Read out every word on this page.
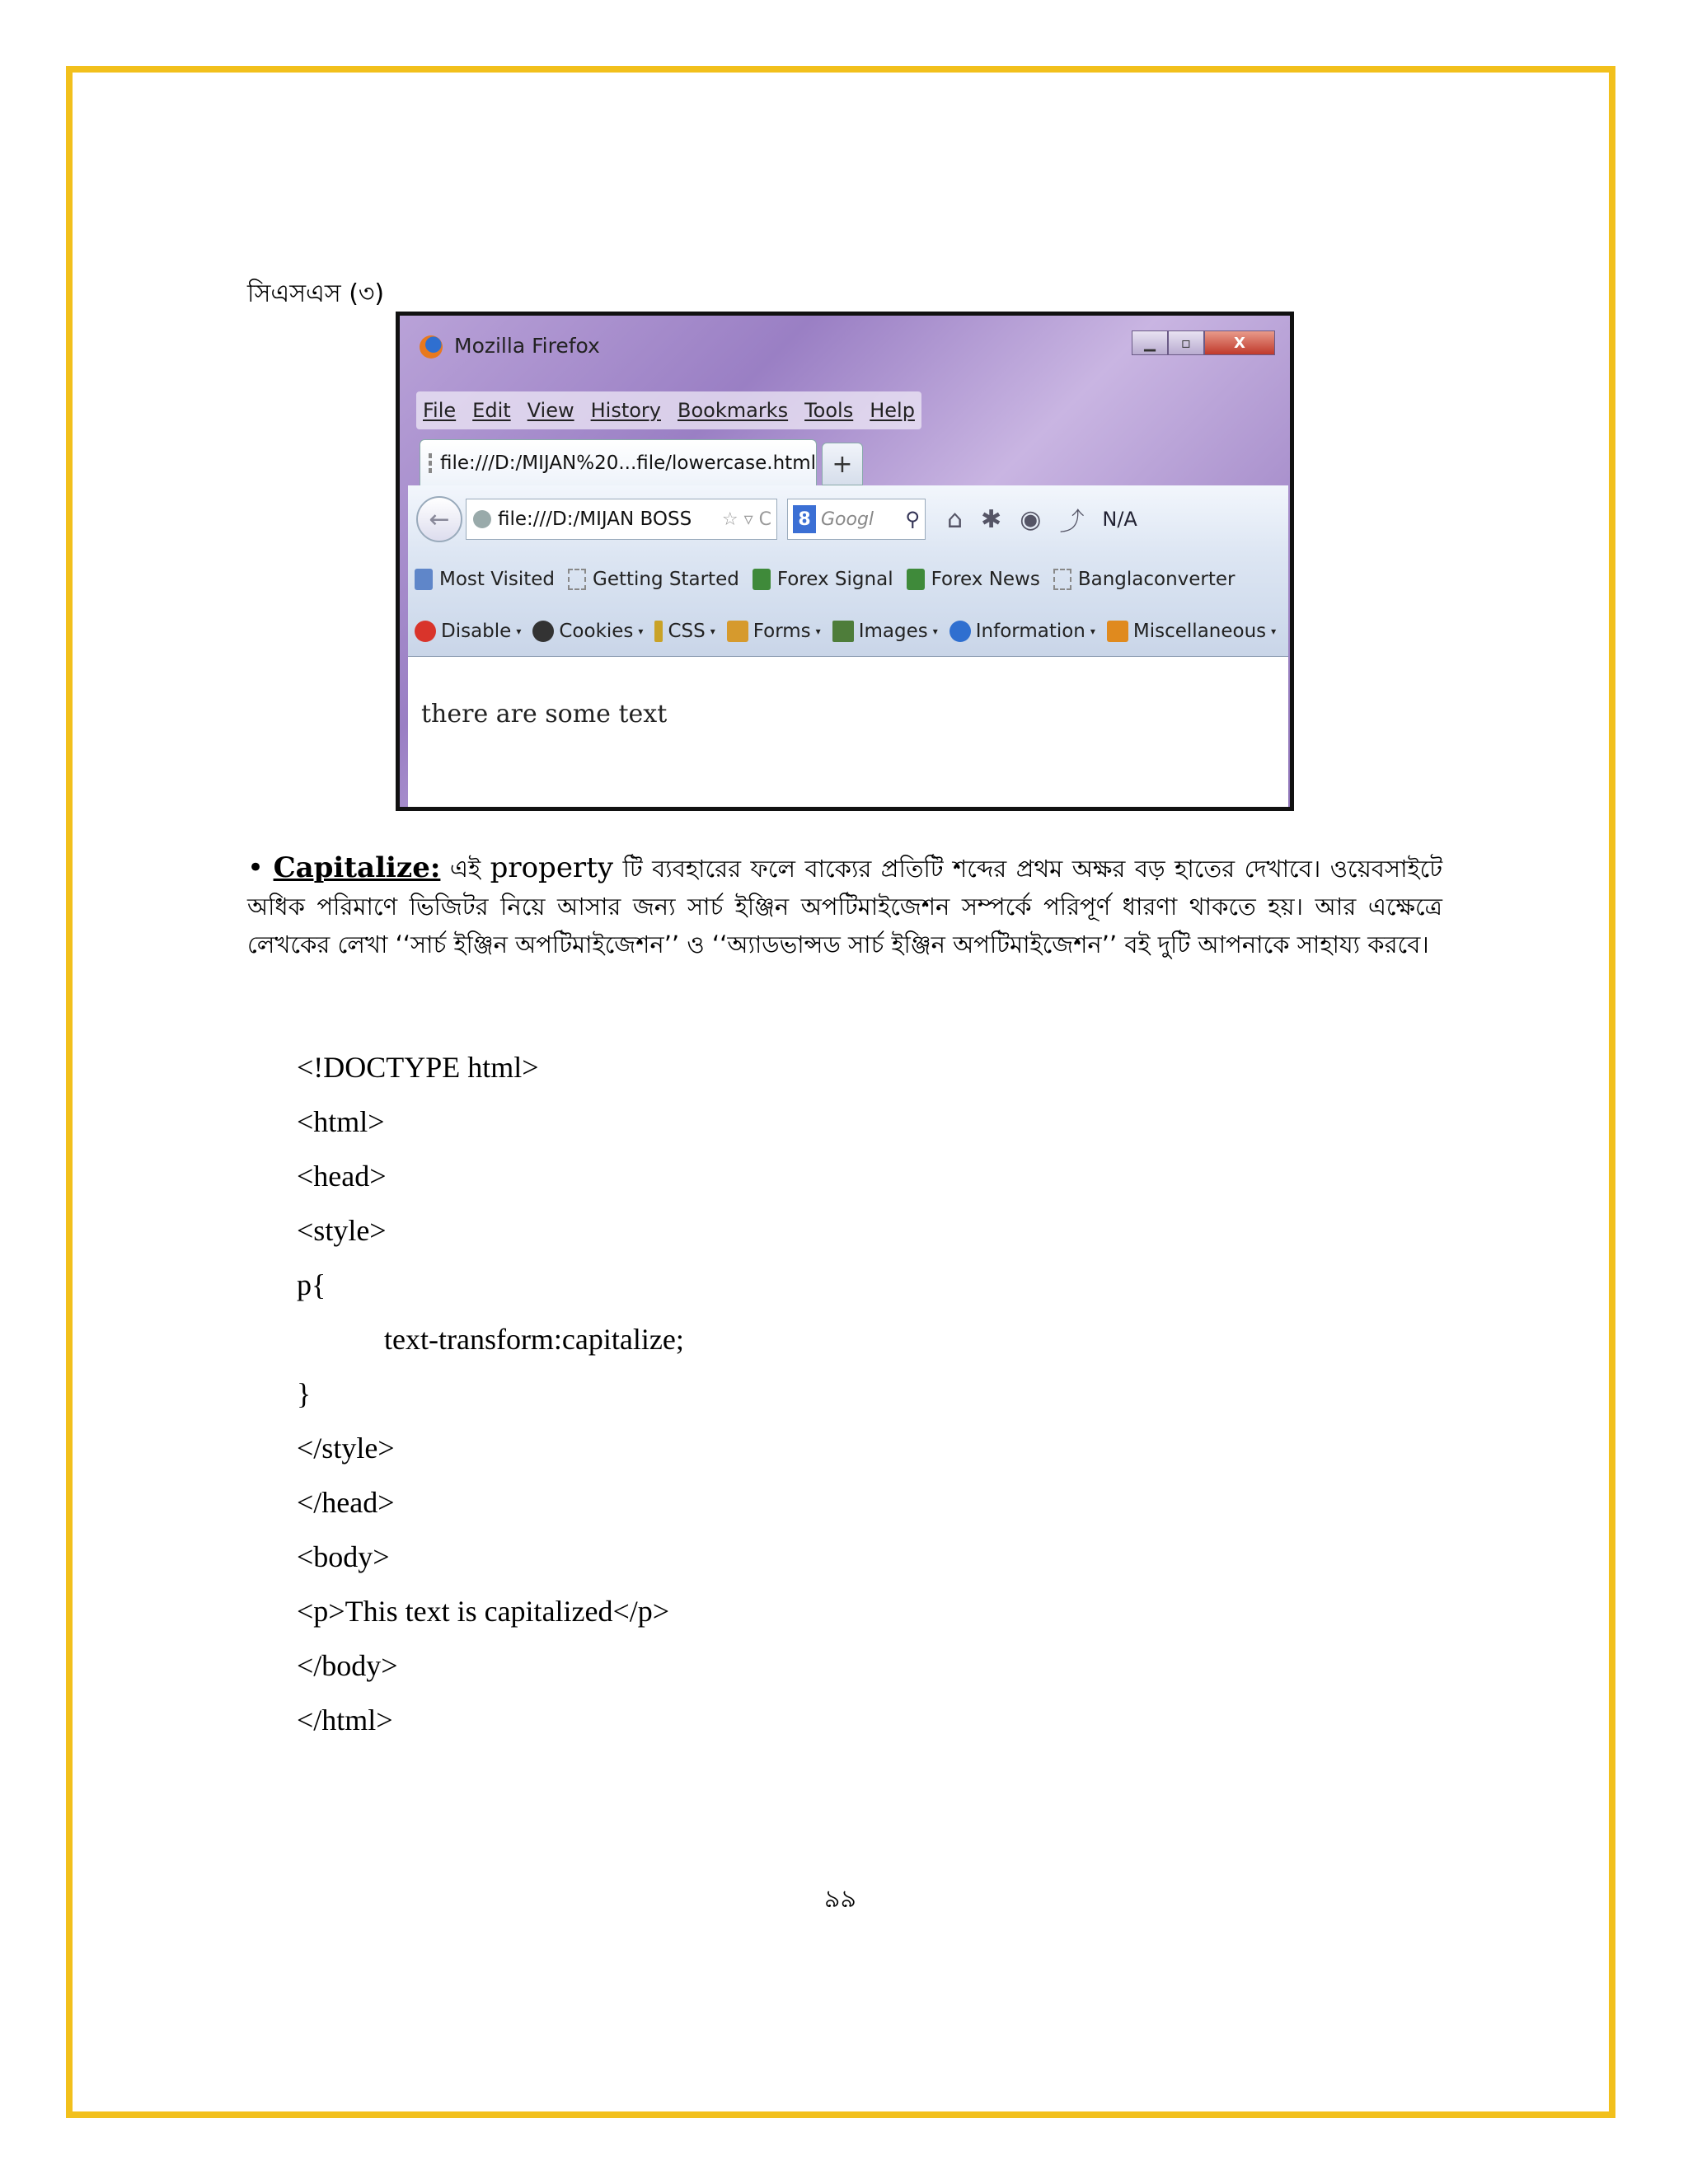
সিএসএস (৩)
Mozilla Firefox	▁	▫	X
File Edit View History Bookmarks Tools Help
file:///D:/MIJAN%20...file/lowercase.html +
←	file:///D:/MIJAN BOSS	☆ ▿ C 8 Googl	⚲ ⌂ ✱ ◉ ⤴ N/A
Most Visited Getting Started Forex Signal Forex News Banglaconverter
Disable ▾ Cookies ▾ CSS ▾ Forms ▾ Images ▾ Information ▾ Miscellaneous ▾
there are some text
• Capitalize: এই property টি ব্যবহারের ফলে বাক্যের প্রতিটি শব্দের প্রথম অক্ষর বড় হাতের দেখাবে। ওয়েবসাইটে অধিক পরিমাণে ভিজিটর নিয়ে আসার জন্য সার্চ ইঞ্জিন অপটিমাইজেশন সম্পর্কে পরিপূর্ণ ধারণা থাকতে হয়। আর এক্ষেত্রে লেখকের লেখা ‘‘সার্চ ইঞ্জিন অপটিমাইজেশন’’ ও ‘‘অ্যাডভান্সড সার্চ ইঞ্জিন অপটিমাইজেশন’’ বই দুটি আপনাকে সাহায্য করবে।
<!DOCTYPE html>
<html>
<head>
<style>
p{
text-transform:capitalize;
}
</style>
</head>
<body>
<p>This text is capitalized</p>
</body>
</html>
৯৯
